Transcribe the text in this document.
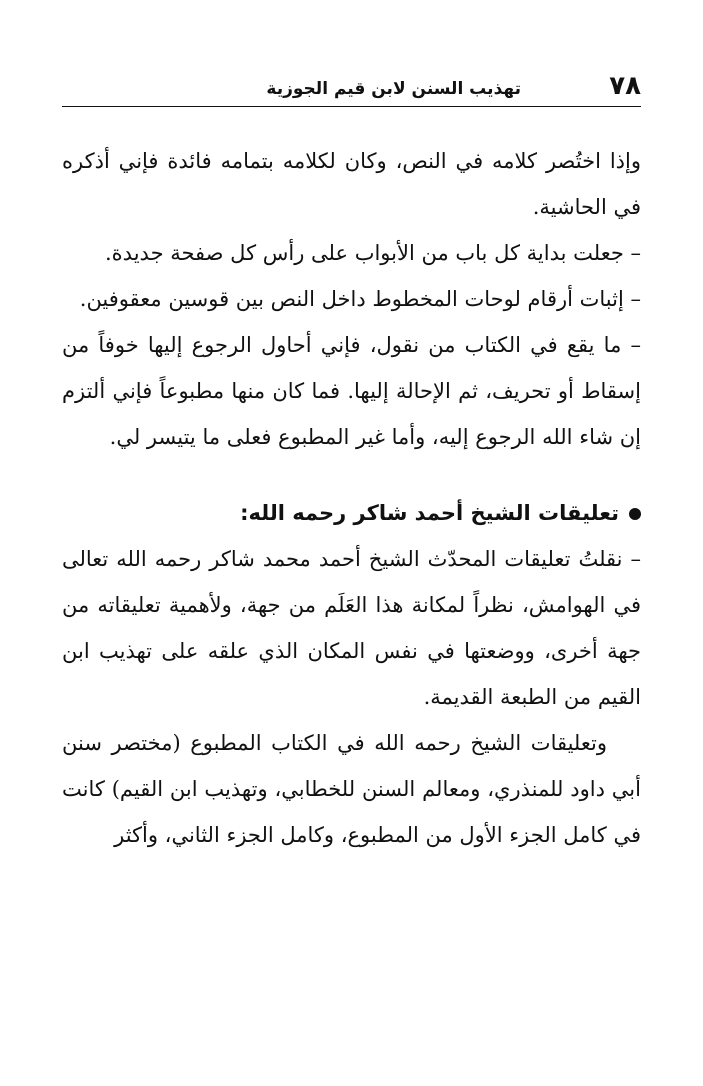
٧٨
تهذيب السنن لابن قيم الجوزية

وإذا اختُصر كلامه في النص، وكان لكلامه بتمامه فائدة فإني أذكره في الحاشية.

– جعلت بداية كل باب من الأبواب على رأس كل صفحة جديدة.

– إثبات أرقام لوحات المخطوط داخل النص بين قوسين معقوفين.

– ما يقع في الكتاب من نقول، فإني أحاول الرجوع إليها خوفاً من إسقاط أو تحريف، ثم الإحالة إليها. فما كان منها مطبوعاً فإني ألتزم إن شاء الله الرجوع إليه، وأما غير المطبوع فعلى ما يتيسر لي.

تعليقات الشيخ أحمد شاكر رحمه الله:

– نقلتُ تعليقات المحدّث الشيخ أحمد محمد شاكر رحمه الله تعالى في الهوامش، نظراً لمكانة هذا العَلَم من جهة، ولأهمية تعليقاته من جهة أخرى، ووضعتها في نفس المكان الذي علقه على تهذيب ابن القيم من الطبعة القديمة.

وتعليقات الشيخ رحمه الله في الكتاب المطبوع (مختصر سنن أبي داود للمنذري، ومعالم السنن للخطابي، وتهذيب ابن القيم) كانت في كامل الجزء الأول من المطبوع، وكامل الجزء الثاني، وأكثر
